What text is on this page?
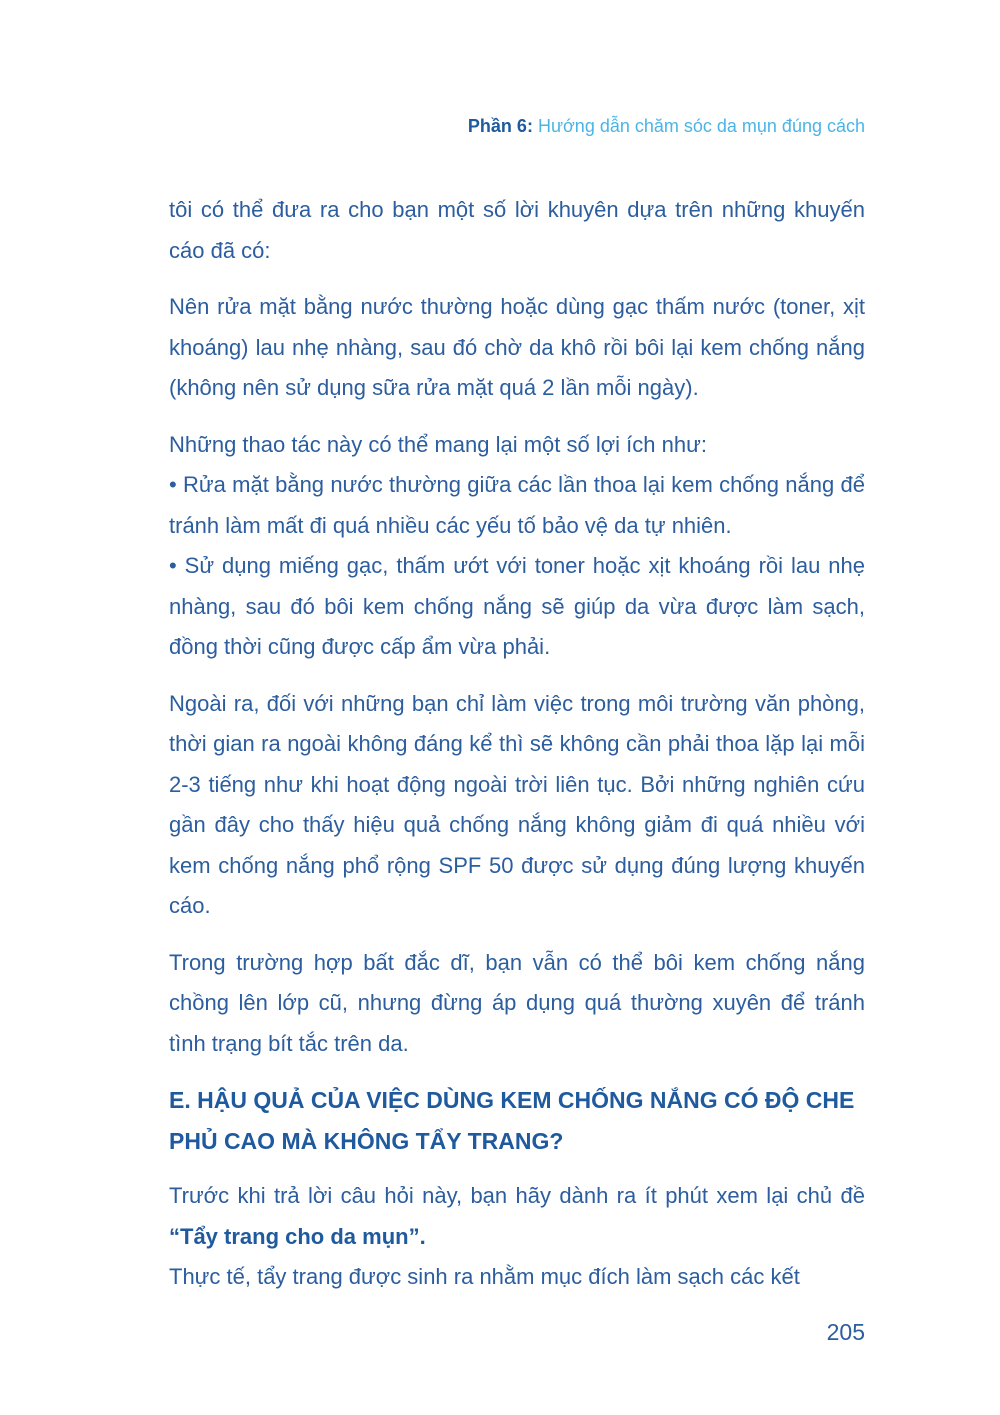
Phần 6: Hướng dẫn chăm sóc da mụn đúng cách

tôi có thể đưa ra cho bạn một số lời khuyên dựa trên những khuyến cáo đã có:

Nên rửa mặt bằng nước thường hoặc dùng gạc thấm nước (toner, xịt khoáng) lau nhẹ nhàng, sau đó chờ da khô rồi bôi lại kem chống nắng (không nên sử dụng sữa rửa mặt quá 2 lần mỗi ngày).

Những thao tác này có thể mang lại một số lợi ích như:
• Rửa mặt bằng nước thường giữa các lần thoa lại kem chống nắng để tránh làm mất đi quá nhiều các yếu tố bảo vệ da tự nhiên.
• Sử dụng miếng gạc, thấm ướt với toner hoặc xịt khoáng rồi lau nhẹ nhàng, sau đó bôi kem chống nắng sẽ giúp da vừa được làm sạch, đồng thời cũng được cấp ẩm vừa phải.

Ngoài ra, đối với những bạn chỉ làm việc trong môi trường văn phòng, thời gian ra ngoài không đáng kể thì sẽ không cần phải thoa lặp lại mỗi 2-3 tiếng như khi hoạt động ngoài trời liên tục. Bởi những nghiên cứu gần đây cho thấy hiệu quả chống nắng không giảm đi quá nhiều với kem chống nắng phổ rộng SPF 50 được sử dụng đúng lượng khuyến cáo.

Trong trường hợp bất đắc dĩ, bạn vẫn có thể bôi kem chống nắng chồng lên lớp cũ, nhưng đừng áp dụng quá thường xuyên để tránh tình trạng bít tắc trên da.

E. HẬU QUẢ CỦA VIỆC DÙNG KEM CHỐNG NẮNG CÓ ĐỘ CHE PHỦ CAO MÀ KHÔNG TẨY TRANG?

Trước khi trả lời câu hỏi này, bạn hãy dành ra ít phút xem lại chủ đề “Tẩy trang cho da mụn”.

Thực tế, tẩy trang được sinh ra nhằm mục đích làm sạch các kết

205
